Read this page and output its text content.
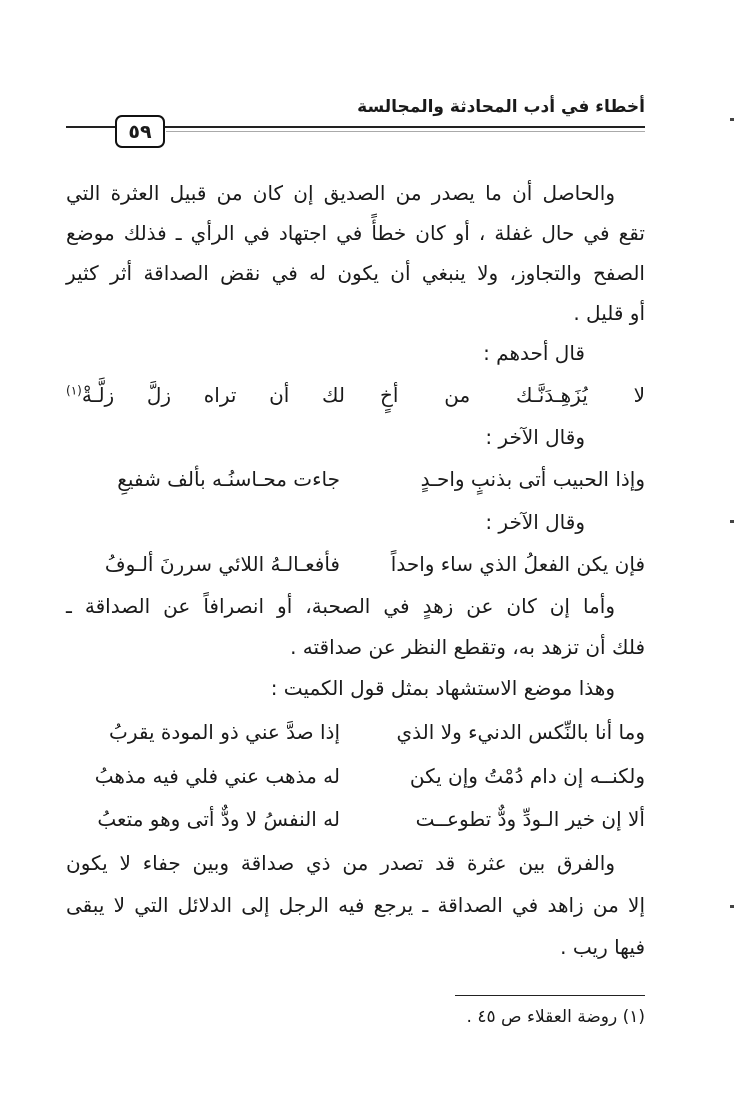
أخطاء في أدب المحادثة والمجالسة
٥٩
والحاصل أن ما يصدر من الصديق إن كان من قبيل العثرة التي
تقع في حال غفلة ، أو كان خطأً في اجتهاد في الرأي ـ فذلك موضع
الصفح والتجاوز، ولا ينبغي أن يكون له في نقض الصداقة أثر كثير
أو قليل .
قال أحدهم :
لا
يُزَهِـدَنَّـك
من
أخٍ
لك
أن
تراه
زلَّ
زلَّـةْ$^{(١)}$
وقال الآخر :
وإذا الحبيب أتى بذنبٍ واحـدٍ
جاءت محـاسنُـه بألف شفيعِ
وقال الآخر :
فإن يكن الفعلُ الذي ساء واحداً
فأفعـالـهُ اللائي سررنَ ألـوفُ
وأما إن كان عن زهدٍ في الصحبة، أو انصرافاً عن الصداقة ـ
فلك أن تزهد به، وتقطع النظر عن صداقته .
وهذا موضع الاستشهاد بمثل قول الكميت :
وما أنا بالنِّكس الدنيء ولا الذي
إذا صدَّ عني ذو المودة يقربُ
ولكنــه إن دام دُمْتُ وإن يكن
له مذهب عني فلي فيه مذهبُ
ألا إن خير الـودِّ ودٌّ تطوعــت
له النفسُ لا ودٌّ أتى وهو متعبُ
والفرق بين عثرة قد تصدر من ذي صداقة وبين جفاء لا يكون
إلا من زاهد في الصداقة ـ يرجع فيه الرجل إلى الدلائل التي لا يبقى
فيها ريب .
(١) روضة العقلاء ص ٤٥ .
